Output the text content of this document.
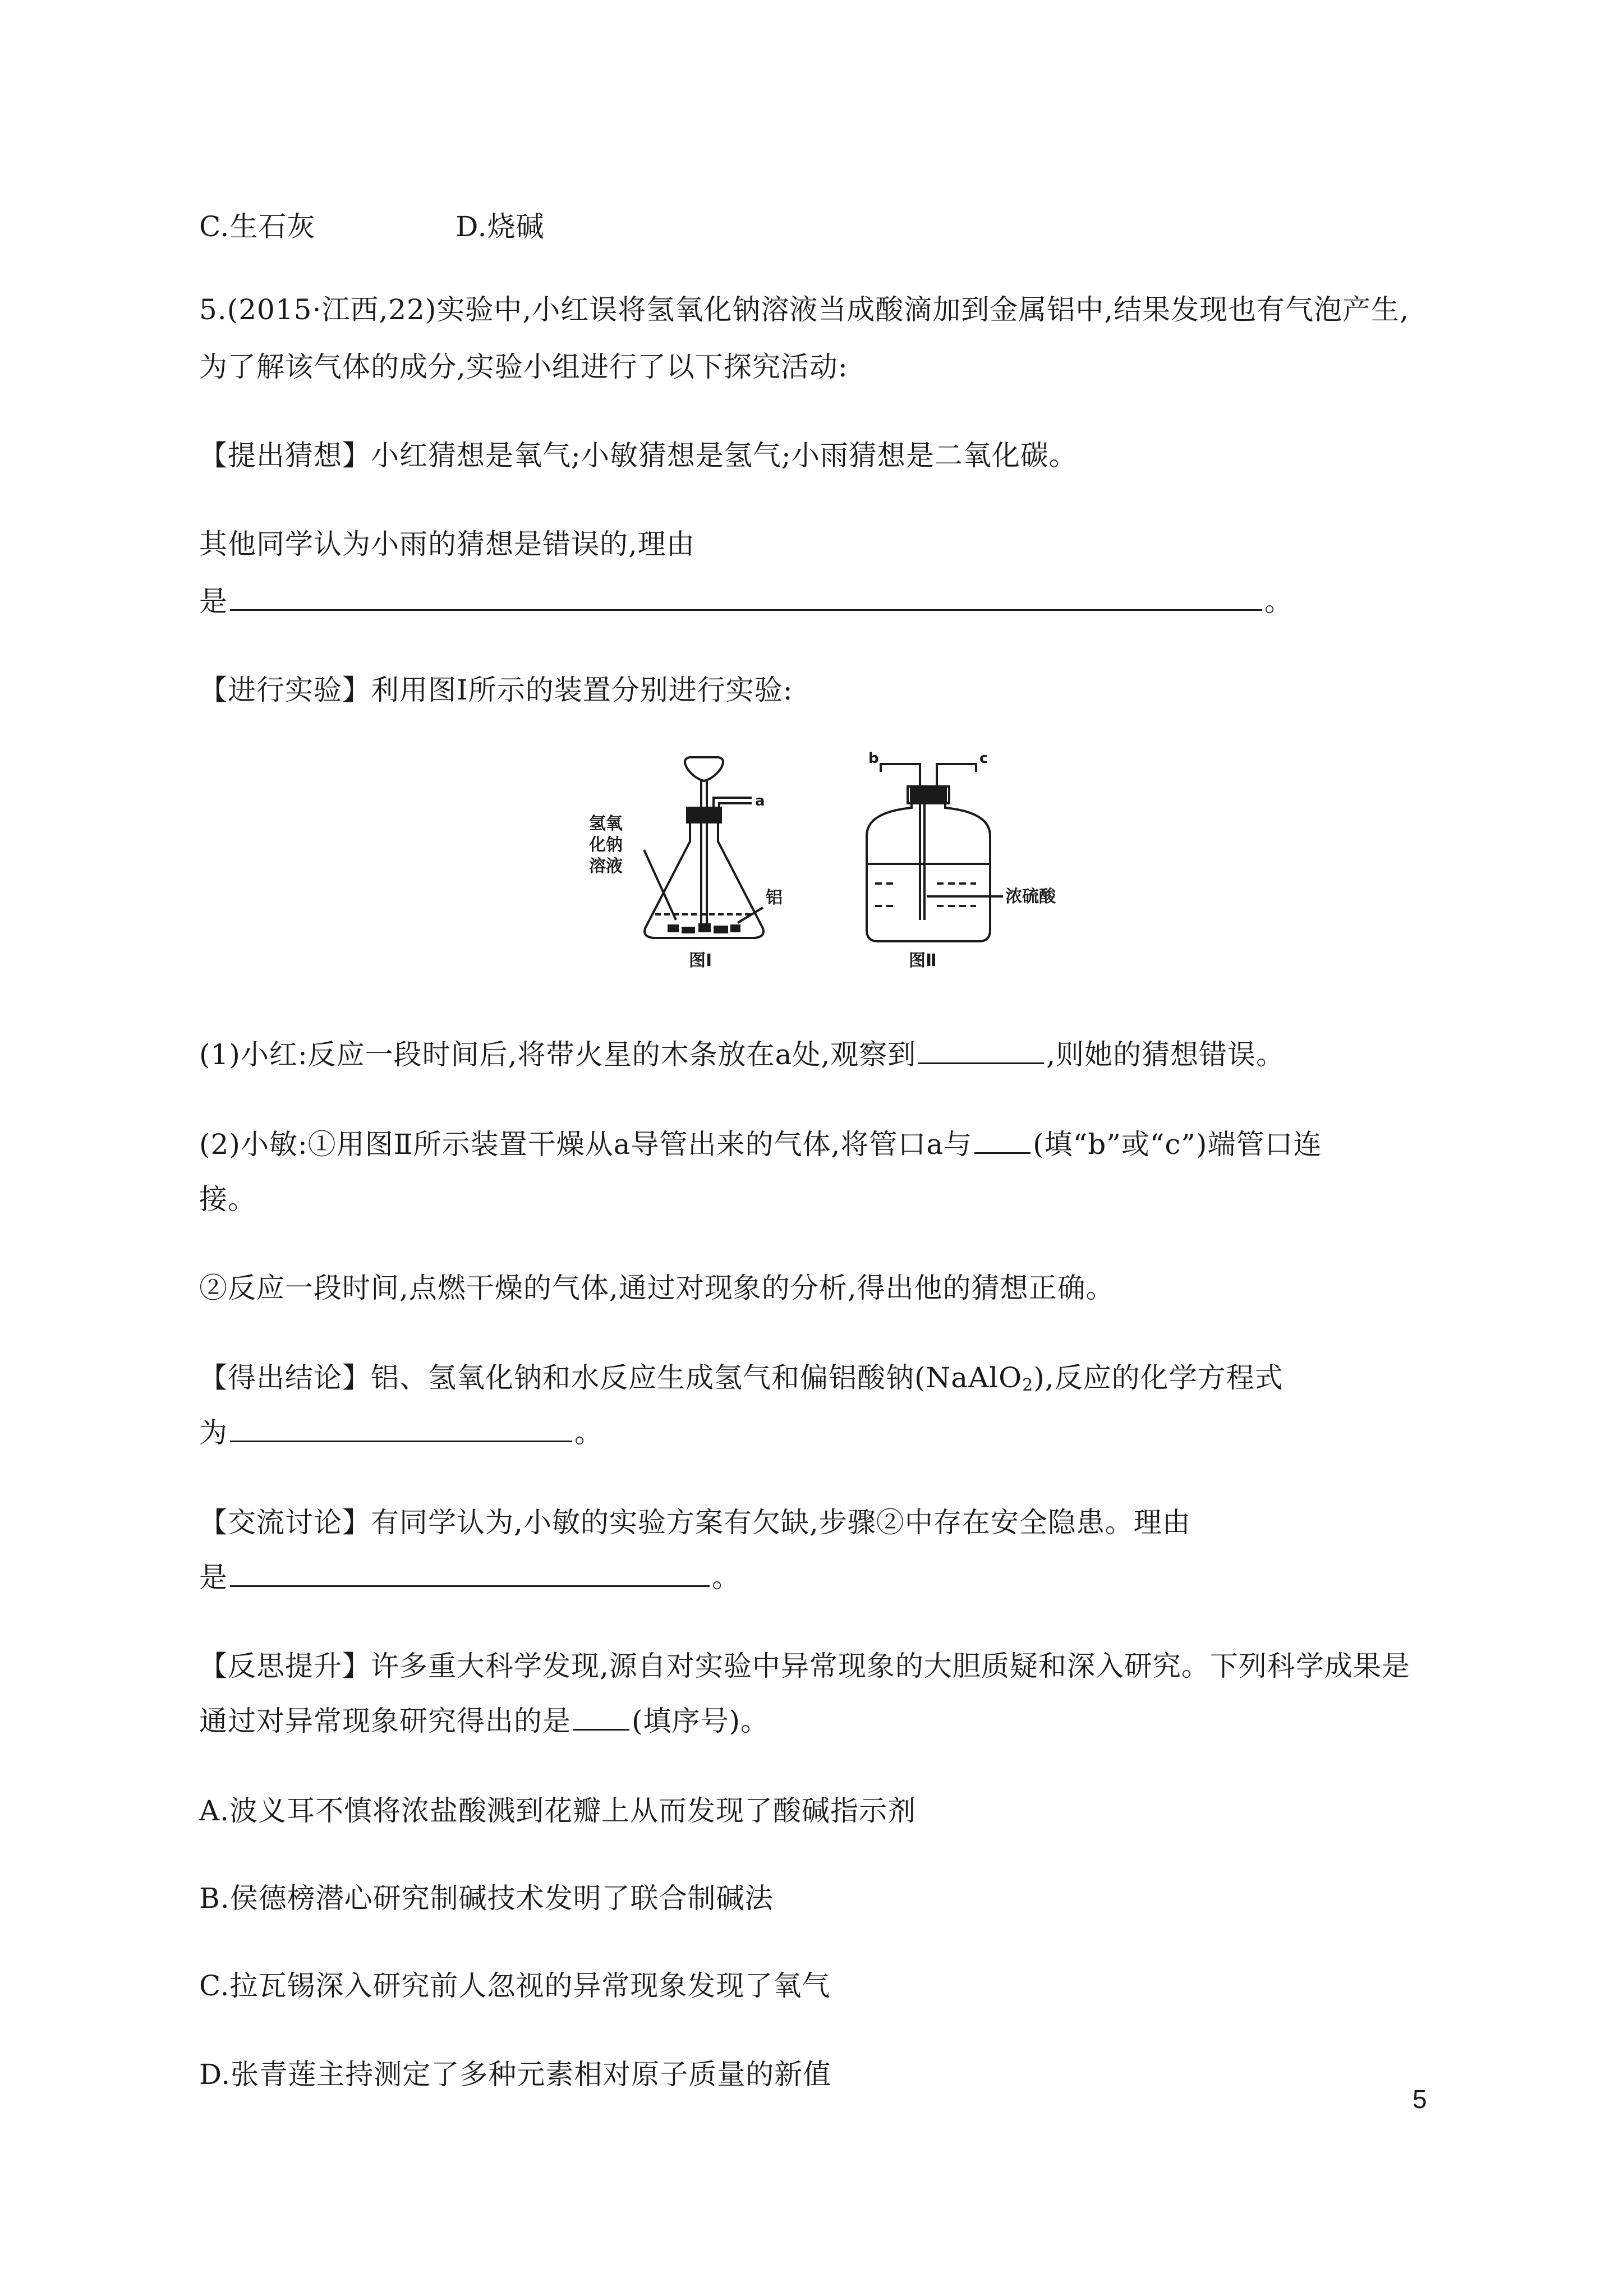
C.生石灰	D.烧碱
5.(2015·江西,22)实验中,小红误将氢氧化钠溶液当成酸滴加到金属铝中,结果发现也有气泡产生,
为了解该气体的成分,实验小组进行了以下探究活动:
【提出猜想】小红猜想是氧气;小敏猜想是氢气;小雨猜想是二氧化碳。
其他同学认为小雨的猜想是错误的,理由
是	。
【进行实验】利用图Ⅰ所示的装置分别进行实验:
a
氢氧
化钠
溶液
铝
图Ⅰ
b	c
浓硫酸
图Ⅱ
(1)小红:反应一段时间后,将带火星的木条放在a处,观察到	,则她的猜想错误。
(2)小敏:①用图Ⅱ所示装置干燥从a导管出来的气体,将管口a与 (填“b”或“c”)端管口连
接。
②反应一段时间,点燃干燥的气体,通过对现象的分析,得出他的猜想正确。
【得出结论】铝、氢氧化钠和水反应生成氢气和偏铝酸钠(NaAlO$_2$),反应的化学方程式
为	。
【交流讨论】有同学认为,小敏的实验方案有欠缺,步骤②中存在安全隐患。理由
是	。
【反思提升】许多重大科学发现,源自对实验中异常现象的大胆质疑和深入研究。下列科学成果是
通过对异常现象研究得出的是 (填序号)。
A.波义耳不慎将浓盐酸溅到花瓣上从而发现了酸碱指示剂
B.侯德榜潜心研究制碱技术发明了联合制碱法
C.拉瓦锡深入研究前人忽视的异常现象发现了氧气
D.张青莲主持测定了多种元素相对原子质量的新值
5
